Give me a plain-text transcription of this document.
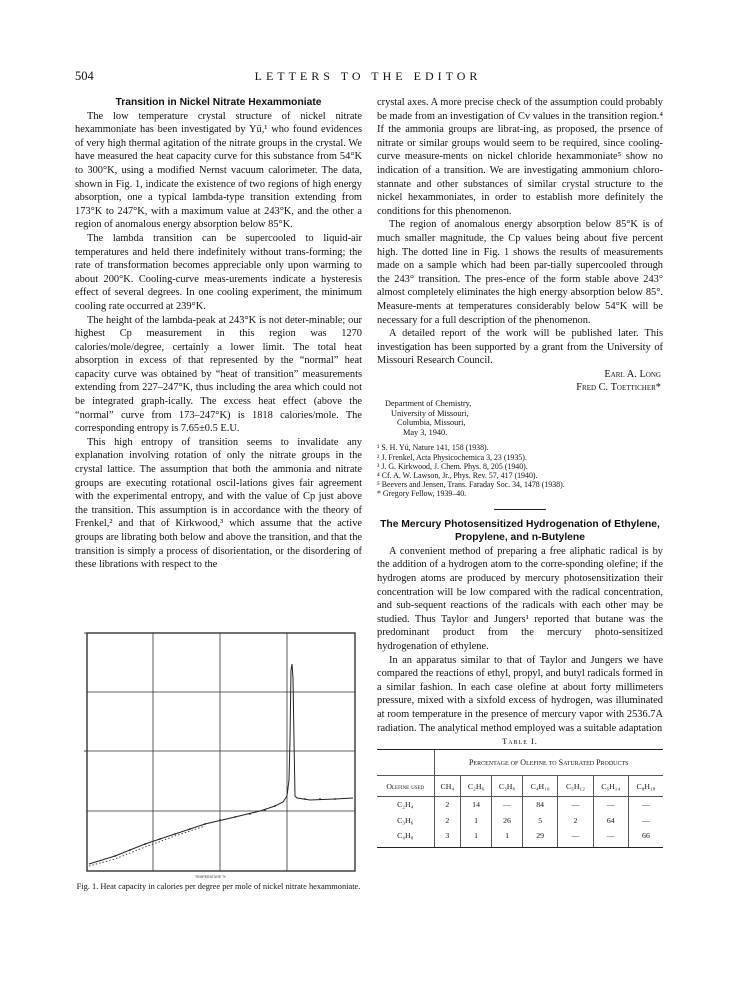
504	LETTERS TO THE EDITOR

Transition in Nickel Nitrate Hexammoniate

The low temperature crystal structure of nickel nitrate hexammoniate has been investigated by Yü,¹ who found evidences of very high thermal agitation of the nitrate groups in the crystal. We have measured the heat capacity curve for this substance from 54°K to 300°K, using a modified Nernst vacuum calorimeter. The data, shown in Fig. 1, indicate the existence of two regions of high energy absorption, one a typical lambda-type transition extending from 173°K to 247°K, with a maximum value at 243°K, and the other a region of anomalous energy absorption below 85°K.

The lambda transition can be supercooled to liquid-air temperatures and held there indefinitely without trans-forming; the rate of transformation becomes appreciable only upon warming to about 200°K. Cooling-curve meas-urements indicate a hysteresis effect of several degrees. In one cooling experiment, the minimum cooling rate occurred at 239°K.

The height of the lambda-peak at 243°K is not deter-minable; our highest Cp measurement in this region was 1270 calories/mole/degree, certainly a lower limit. The total heat absorption in excess of that represented by the “normal” heat capacity curve was obtained by “heat of transition” measurements extending from 227–247°K, thus including the area which could not be integrated graph-ically. The excess heat effect (above the “normal” curve from 173–247°K) is 1818 calories/mole. The corresponding entropy is 7.65±0.5 E.U.

This high entropy of transition seems to invalidate any explanation involving rotation of only the nitrate groups in the crystal lattice. The assumption that both the ammonia and nitrate groups are executing rotational oscil-lations gives fair agreement with the experimental entropy, and with the value of Cp just above the transition. This assumption is in accordance with the theory of Frenkel,² and that of Kirkwood,³ which assume that the active groups are librating both below and above the transition, and that the transition is simply a process of disorientation, or the disordering of these librations with respect to the

TEMPERATURE °K
Fig. 1. Heat capacity in calories per degree per mole of nickel nitrate hexammoniate.

crystal axes. A more precise check of the assumption could probably be made from an investigation of Cv values in the transition region.⁴ If the ammonia groups are librat-ing, as proposed, the prsence of nitrate or similar groups would seem to be required, since cooling-curve measure-ments on nickel chloride hexammoniate⁵ show no indication of a transition. We are investigating ammonium chloro-stannate and other substances of similar crystal structure to the nickel hexammoniates, in order to establish more definitely the conditions for this phenomenon.

The region of anomalous energy absorption below 85°K is of much smaller magnitude, the Cp values being about five percent high. The dotted line in Fig. 1 shows the results of measurements made on a sample which had been par-tially supercooled through the 243° transition. The pres-ence of the form stable above 243° almost completely eliminates the high energy absorption below 85°. Measure-ments at temperatures considerably below 54°K will be necessary for a full description of the phenomenon.

A detailed report of the work will be published later. This investigation has been supported by a grant from the University of Missouri Research Council.

Earl A. Long

Fred C. Toetticher*

Department of Chemistry,
University of Missouri,
Columbia, Missouri,
May 3, 1940.
¹ S. H. Yü, Nature 141, 158 (1938).
² J. Frenkel, Acta Physicochemica 3, 23 (1935).
³ J. G. Kirkwood, J. Chem. Phys. 8, 205 (1940).
⁴ Cf. A. W. Lawson, Jr., Phys. Rev. 57, 417 (1940).
⁵ Beevers and Jensen, Trans. Faraday Soc. 34, 1478 (1938).
* Gregory Fellow, 1939–40.

The Mercury Photosensitized Hydrogenation of Ethylene, Propylene, and n-Butylene

A convenient method of preparing a free aliphatic radical is by the addition of a hydrogen atom to the corre-sponding olefine; if the hydrogen atoms are produced by mercury photosensitization their concentration will be low compared with the radical concentration, and sub-sequent reactions of the radicals with each other may be studied. Thus Taylor and Jungers¹ reported that butane was the predominant product from the mercury photo-sensitized hydrogenation of ethylene.

In an apparatus similar to that of Taylor and Jungers we have compared the reactions of ethyl, propyl, and butyl radicals formed in a similar fashion. In each case olefine at about forty millimeters pressure, mixed with a sixfold excess of hydrogen, was illuminated at room temperature in the presence of mercury vapor with 2536.7A radiation. The analytical method employed was a suitable adaptation

Table I.

	Percentage of Olefine to Saturated Products						
Olefine used	CH₄	C₂H₆	C₃H₈	C₄H₁₀	C₅H₁₂	C₆H₁₄	C₈H₁₈
C₂H₄	2	14	—	84	—	—	—
C₃H₆	2	1	26	5	2	64	—
C₄H₈	3	1	1	29	—	—	66
